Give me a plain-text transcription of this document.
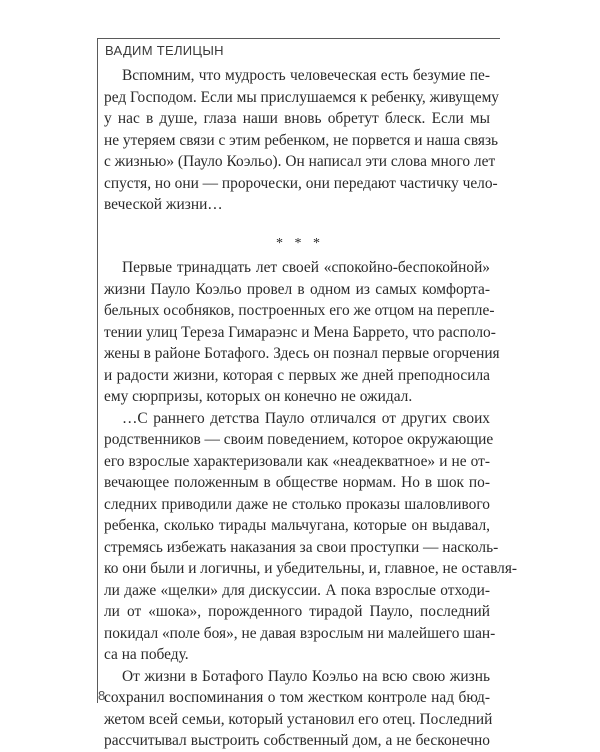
ВАДИМ ТЕЛИЦЫН

Вспомним, что мудрость человеческая есть безумие пе-
ред Господом. Если мы прислушаемся к ребенку, живущему
у нас в душе, глаза наши вновь обретут блеск. Если мы
не утеряем связи с этим ребенком, не порвется и наша связь
с жизнью» (Пауло Коэльо). Он написал эти слова много лет
спустя, но они — пророчески, они передают частичку чело-
веческой жизни…
* * *
Первые тринадцать лет своей «спокойно-беспокойной»
жизни Пауло Коэльо провел в одном из самых комфорта-
бельных особняков, построенных его же отцом на перепле-
тении улиц Тереза Гимараэнс и Мена Баррето, что располо-
жены в районе Ботафого. Здесь он познал первые огорчения
и радости жизни, которая с первых же дней преподносила
ему сюрпризы, которых он конечно не ожидал.
…С раннего детства Пауло отличался от других своих
родственников — своим поведением, которое окружающие
его взрослые характеризовали как «неадекватное» и не от-
вечающее положенным в обществе нормам. Но в шок по-
следних приводили даже не столько проказы шаловливого
ребенка, сколько тирады мальчугана, которые он выдавал,
стремясь избежать наказания за свои проступки — насколь-
ко они были и логичны, и убедительны, и, главное, не оставля-
ли даже «щелки» для дискуссии. А пока взрослые отходи-
ли от «шока», порожденного тирадой Пауло, последний
покидал «поле боя», не давая взрослым ни малейшего шан-
са на победу.
От жизни в Ботафого Пауло Коэльо на всю свою жизнь
сохранил воспоминания о том жестком контроле над бюд-
жетом всей семьи, который установил его отец. Последний
рассчитывал выстроить собственный дом, а не бесконечно
8
